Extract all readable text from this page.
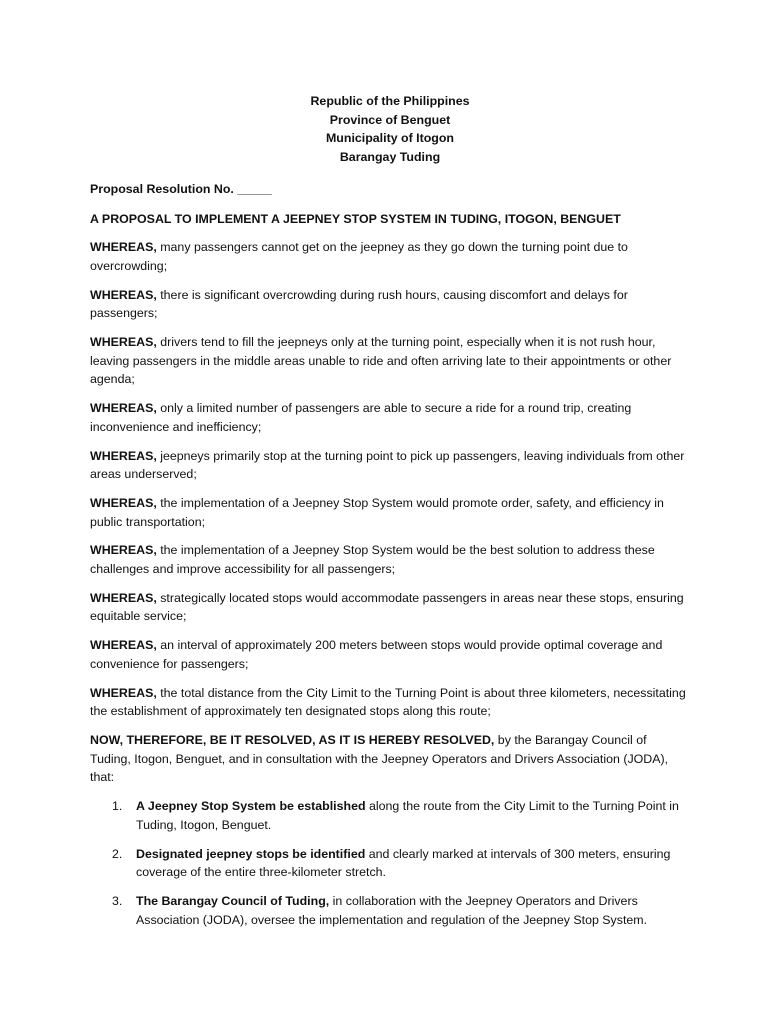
Republic of the Philippines
Province of Benguet
Municipality of Itogon
Barangay Tuding
Proposal Resolution No. _____
A PROPOSAL TO IMPLEMENT A JEEPNEY STOP SYSTEM IN TUDING, ITOGON, BENGUET
WHEREAS, many passengers cannot get on the jeepney as they go down the turning point due to overcrowding;
WHEREAS, there is significant overcrowding during rush hours, causing discomfort and delays for passengers;
WHEREAS, drivers tend to fill the jeepneys only at the turning point, especially when it is not rush hour, leaving passengers in the middle areas unable to ride and often arriving late to their appointments or other agenda;
WHEREAS, only a limited number of passengers are able to secure a ride for a round trip, creating inconvenience and inefficiency;
WHEREAS, jeepneys primarily stop at the turning point to pick up passengers, leaving individuals from other areas underserved;
WHEREAS, the implementation of a Jeepney Stop System would promote order, safety, and efficiency in public transportation;
WHEREAS, the implementation of a Jeepney Stop System would be the best solution to address these challenges and improve accessibility for all passengers;
WHEREAS, strategically located stops would accommodate passengers in areas near these stops, ensuring equitable service;
WHEREAS, an interval of approximately 200 meters between stops would provide optimal coverage and convenience for passengers;
WHEREAS, the total distance from the City Limit to the Turning Point is about three kilometers, necessitating the establishment of approximately ten designated stops along this route;
NOW, THEREFORE, BE IT RESOLVED, AS IT IS HEREBY RESOLVED, by the Barangay Council of Tuding, Itogon, Benguet, and in consultation with the Jeepney Operators and Drivers Association (JODA), that:
1. A Jeepney Stop System be established along the route from the City Limit to the Turning Point in Tuding, Itogon, Benguet.
2. Designated jeepney stops be identified and clearly marked at intervals of 300 meters, ensuring coverage of the entire three-kilometer stretch.
3. The Barangay Council of Tuding, in collaboration with the Jeepney Operators and Drivers Association (JODA), oversee the implementation and regulation of the Jeepney Stop System.
